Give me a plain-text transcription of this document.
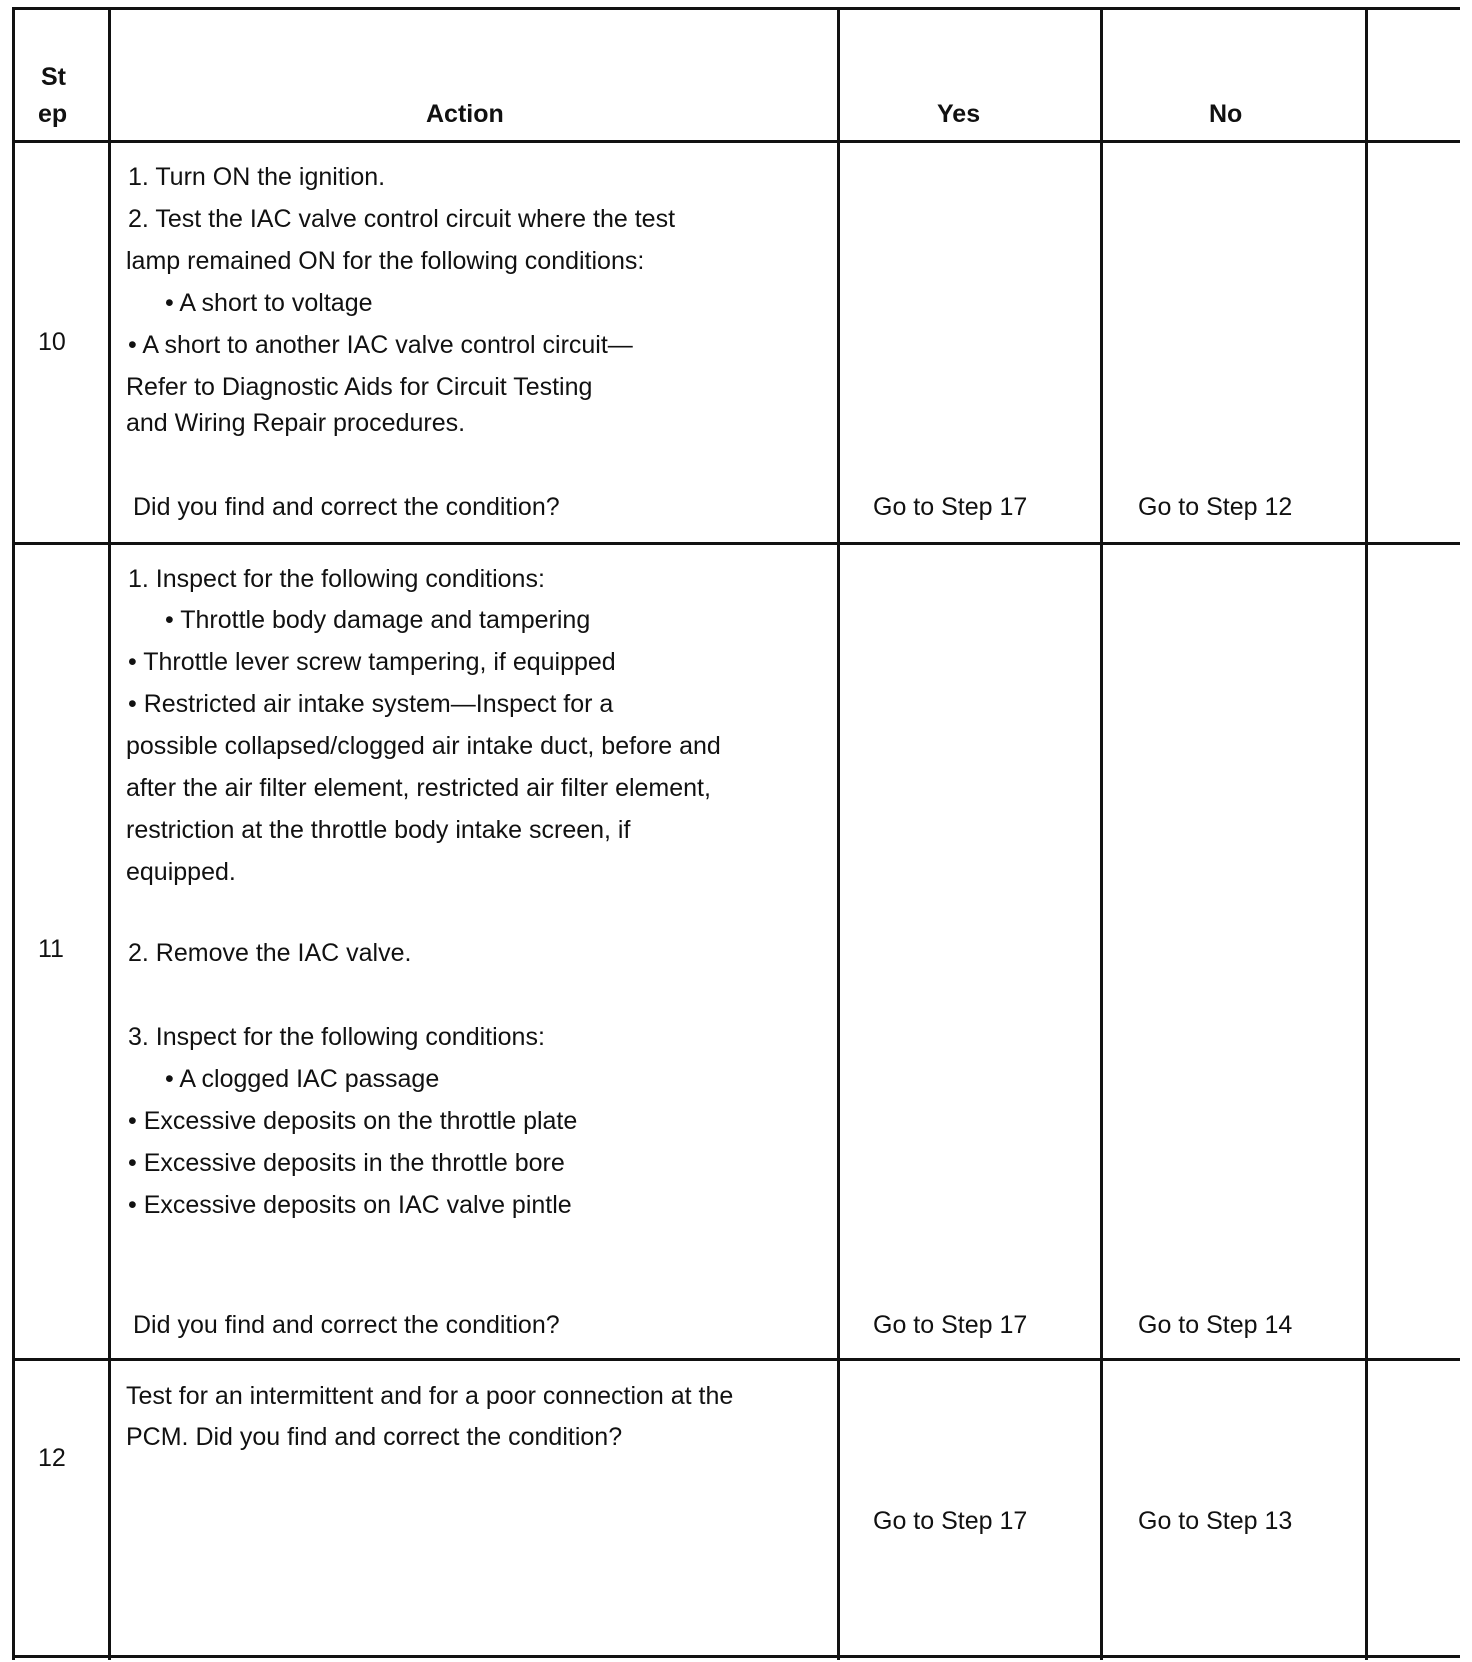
St
ep	Action	Yes	No
10
1. Turn ON the ignition.
2. Test the IAC valve control circuit where the test
lamp remained ON for the following conditions:
• A short to voltage
• A short to another IAC valve control circuit—
Refer to Diagnostic Aids for Circuit Testing
and Wiring Repair procedures.
Did you find and correct the condition?	Go to Step 17	Go to Step 12
11
1. Inspect for the following conditions:
• Throttle body damage and tampering
• Throttle lever screw tampering, if equipped
• Restricted air intake system—Inspect for a
possible collapsed/clogged air intake duct, before and
after the air filter element, restricted air filter element,
restriction at the throttle body intake screen, if
equipped.
2. Remove the IAC valve.
3. Inspect for the following conditions:
• A clogged IAC passage
• Excessive deposits on the throttle plate
• Excessive deposits in the throttle bore
• Excessive deposits on IAC valve pintle
Did you find and correct the condition?	Go to Step 17	Go to Step 14
12
Test for an intermittent and for a poor connection at the
PCM. Did you find and correct the condition?
Go to Step 17	Go to Step 13
